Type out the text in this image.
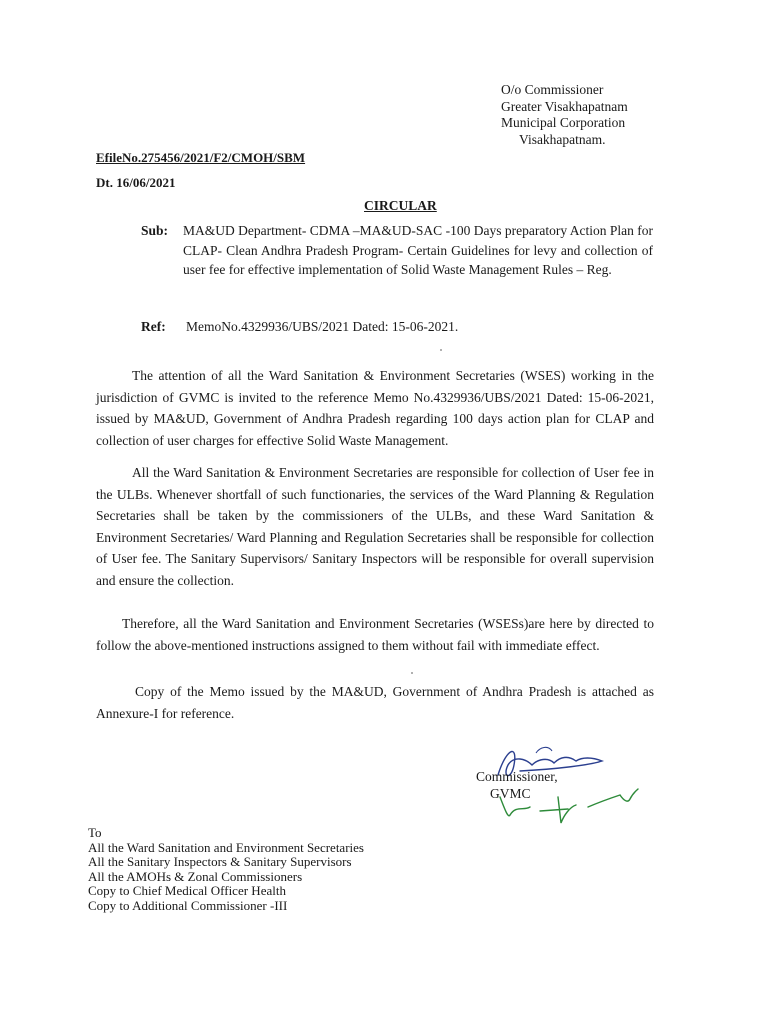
O/o Commissioner
Greater Visakhapatnam
Municipal Corporation
Visakhapatnam.
EfileNo.275456/2021/F2/CMOH/SBM
Dt. 16/06/2021
CIRCULAR
Sub:	MA&UD Department- CDMA –MA&UD-SAC -100 Days preparatory Action Plan for CLAP- Clean Andhra Pradesh Program- Certain Guidelines for levy and collection of user fee for effective implementation of Solid Waste Management Rules – Reg.
Ref:	MemoNo.4329936/UBS/2021 Dated: 15-06-2021.

The attention of all the Ward Sanitation & Environment Secretaries (WSES) working in the jurisdiction of GVMC is invited to the reference Memo No.4329936/UBS/2021 Dated: 15-06-2021, issued by MA&UD, Government of Andhra Pradesh regarding 100 days action plan for CLAP and collection of user charges for effective Solid Waste Management.

All the Ward Sanitation & Environment Secretaries are responsible for collection of User fee in the ULBs. Whenever shortfall of such functionaries, the services of the Ward Planning & Regulation Secretaries shall be taken by the commissioners of the ULBs, and these Ward Sanitation & Environment Secretaries/ Ward Planning and Regulation Secretaries shall be responsible for collection of User fee. The Sanitary Supervisors/ Sanitary Inspectors will be responsible for overall supervision and ensure the collection.

Therefore, all the Ward Sanitation and Environment Secretaries (WSESs)are here by directed to follow the above-mentioned instructions assigned to them without fail with immediate effect.

Copy of the Memo issued by the MA&UD, Government of Andhra Pradesh is attached as Annexure-I for reference.

Commissioner,
GVMC
To
All the Ward Sanitation and Environment Secretaries
All the Sanitary Inspectors & Sanitary Supervisors
All the AMOHs & Zonal Commissioners
Copy to Chief Medical Officer Health
Copy to Additional Commissioner -III
